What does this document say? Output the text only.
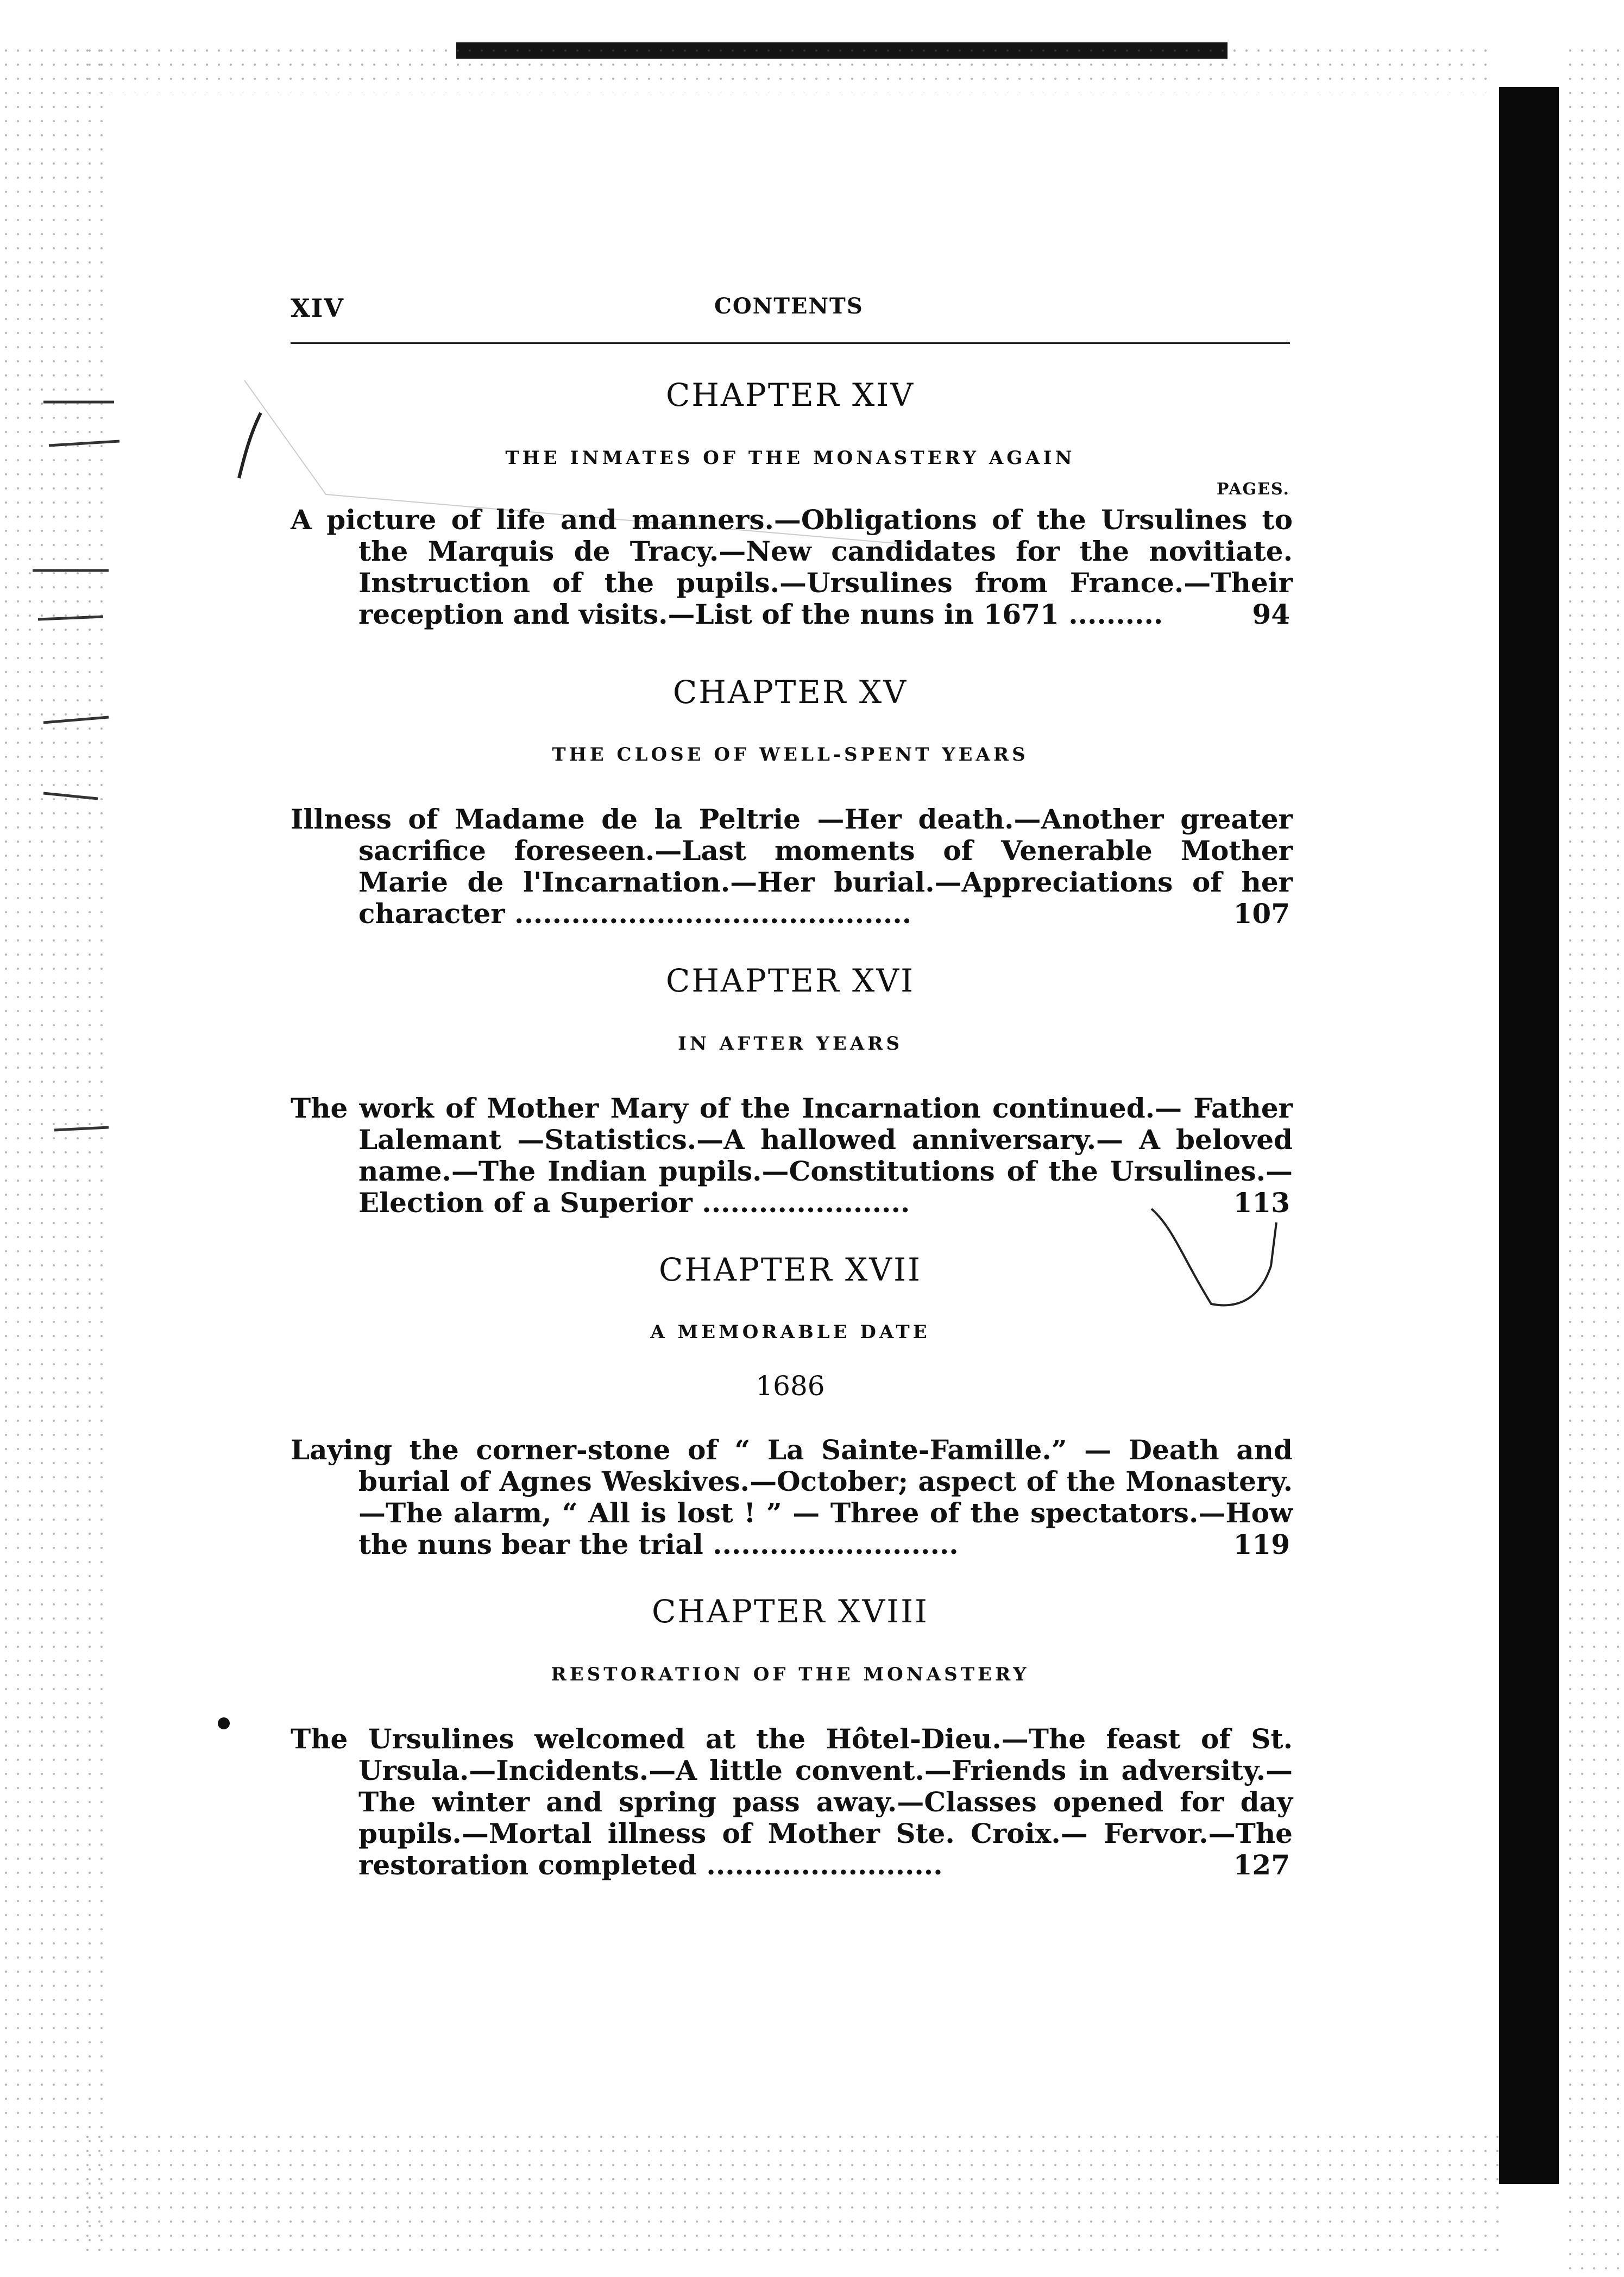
XIV	CONTENTS

CHAPTER XIV

THE INMATES OF THE MONASTERY AGAIN

PAGES.

A picture of life and manners.—Obligations of the Ursulines to the Marquis de Tracy.—New candidates for the novitiate. Instruction of the pupils.—Ursulines from France.—Their reception and visits.—List of the nuns in 1671 ..........	94

CHAPTER XV

THE CLOSE OF WELL-SPENT YEARS

Illness of Madame de la Peltrie —Her death.—Another greater sacrifice foreseen.—Last moments of Venerable Mother Marie de l'Incarnation.—Her burial.—Appreciations of her character ..........................................	107

CHAPTER XVI

IN AFTER YEARS

The work of Mother Mary of the Incarnation continued.— Father Lalemant —Statistics.—A hallowed anniversary.— A beloved name.—The Indian pupils.—Constitutions of the Ursulines.—Election of a Superior ......................	113

CHAPTER XVII

A MEMORABLE DATE

1686

Laying the corner-stone of “ La Sainte-Famille.” — Death and burial of Agnes Weskives.—October; aspect of the Monastery.—The alarm, “ All is lost ! ” — Three of the spectators.—How the nuns bear the trial ..........................	119

CHAPTER XVIII

RESTORATION OF THE MONASTERY

The Ursulines welcomed at the Hôtel-Dieu.—The feast of St. Ursula.—Incidents.—A little convent.—Friends in adversity.—The winter and spring pass away.—Classes opened for day pupils.—Mortal illness of Mother Ste. Croix.— Fervor.—The restoration completed .........................	127
